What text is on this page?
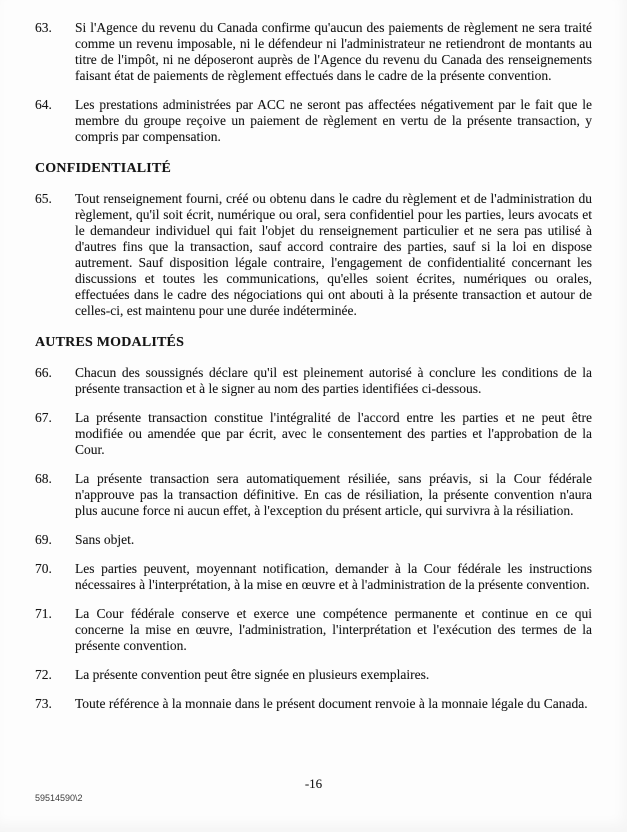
63.	Si l'Agence du revenu du Canada confirme qu'aucun des paiements de règlement ne sera traité comme un revenu imposable, ni le défendeur ni l'administrateur ne retiendront de montants au titre de l'impôt, ni ne déposeront auprès de l'Agence du revenu du Canada des renseignements faisant état de paiements de règlement effectués dans le cadre de la présente convention.

64.	Les prestations administrées par ACC ne seront pas affectées négativement par le fait que le membre du groupe reçoive un paiement de règlement en vertu de la présente transaction, y compris par compensation.

CONFIDENTIALITÉ
65.	Tout renseignement fourni, créé ou obtenu dans le cadre du règlement et de l'administration du règlement, qu'il soit écrit, numérique ou oral, sera confidentiel pour les parties, leurs avocats et le demandeur individuel qui fait l'objet du renseignement particulier et ne sera pas utilisé à d'autres fins que la transaction, sauf accord contraire des parties, sauf si la loi en dispose autrement. Sauf disposition légale contraire, l'engagement de confidentialité concernant les discussions et toutes les communications, qu'elles soient écrites, numériques ou orales, effectuées dans le cadre des négociations qui ont abouti à la présente transaction et autour de celles-ci, est maintenu pour une durée indéterminée.

AUTRES MODALITÉS
66.	Chacun des soussignés déclare qu'il est pleinement autorisé à conclure les conditions de la présente transaction et à le signer au nom des parties identifiées ci-dessous.

67.	La présente transaction constitue l'intégralité de l'accord entre les parties et ne peut être modifiée ou amendée que par écrit, avec le consentement des parties et l'approbation de la Cour.

68.	La présente transaction sera automatiquement résiliée, sans préavis, si la Cour fédérale n'approuve pas la transaction définitive. En cas de résiliation, la présente convention n'aura plus aucune force ni aucun effet, à l'exception du présent article, qui survivra à la résiliation.

69.	Sans objet.

70.	Les parties peuvent, moyennant notification, demander à la Cour fédérale les instructions nécessaires à l'interprétation, à la mise en œuvre et à l'administration de la présente convention.

71.	La Cour fédérale conserve et exerce une compétence permanente et continue en ce qui concerne la mise en œuvre, l'administration, l'interprétation et l'exécution des termes de la présente convention.

72.	La présente convention peut être signée en plusieurs exemplaires.

73.	Toute référence à la monnaie dans le présent document renvoie à la monnaie légale du Canada.

-16
59514590\2
